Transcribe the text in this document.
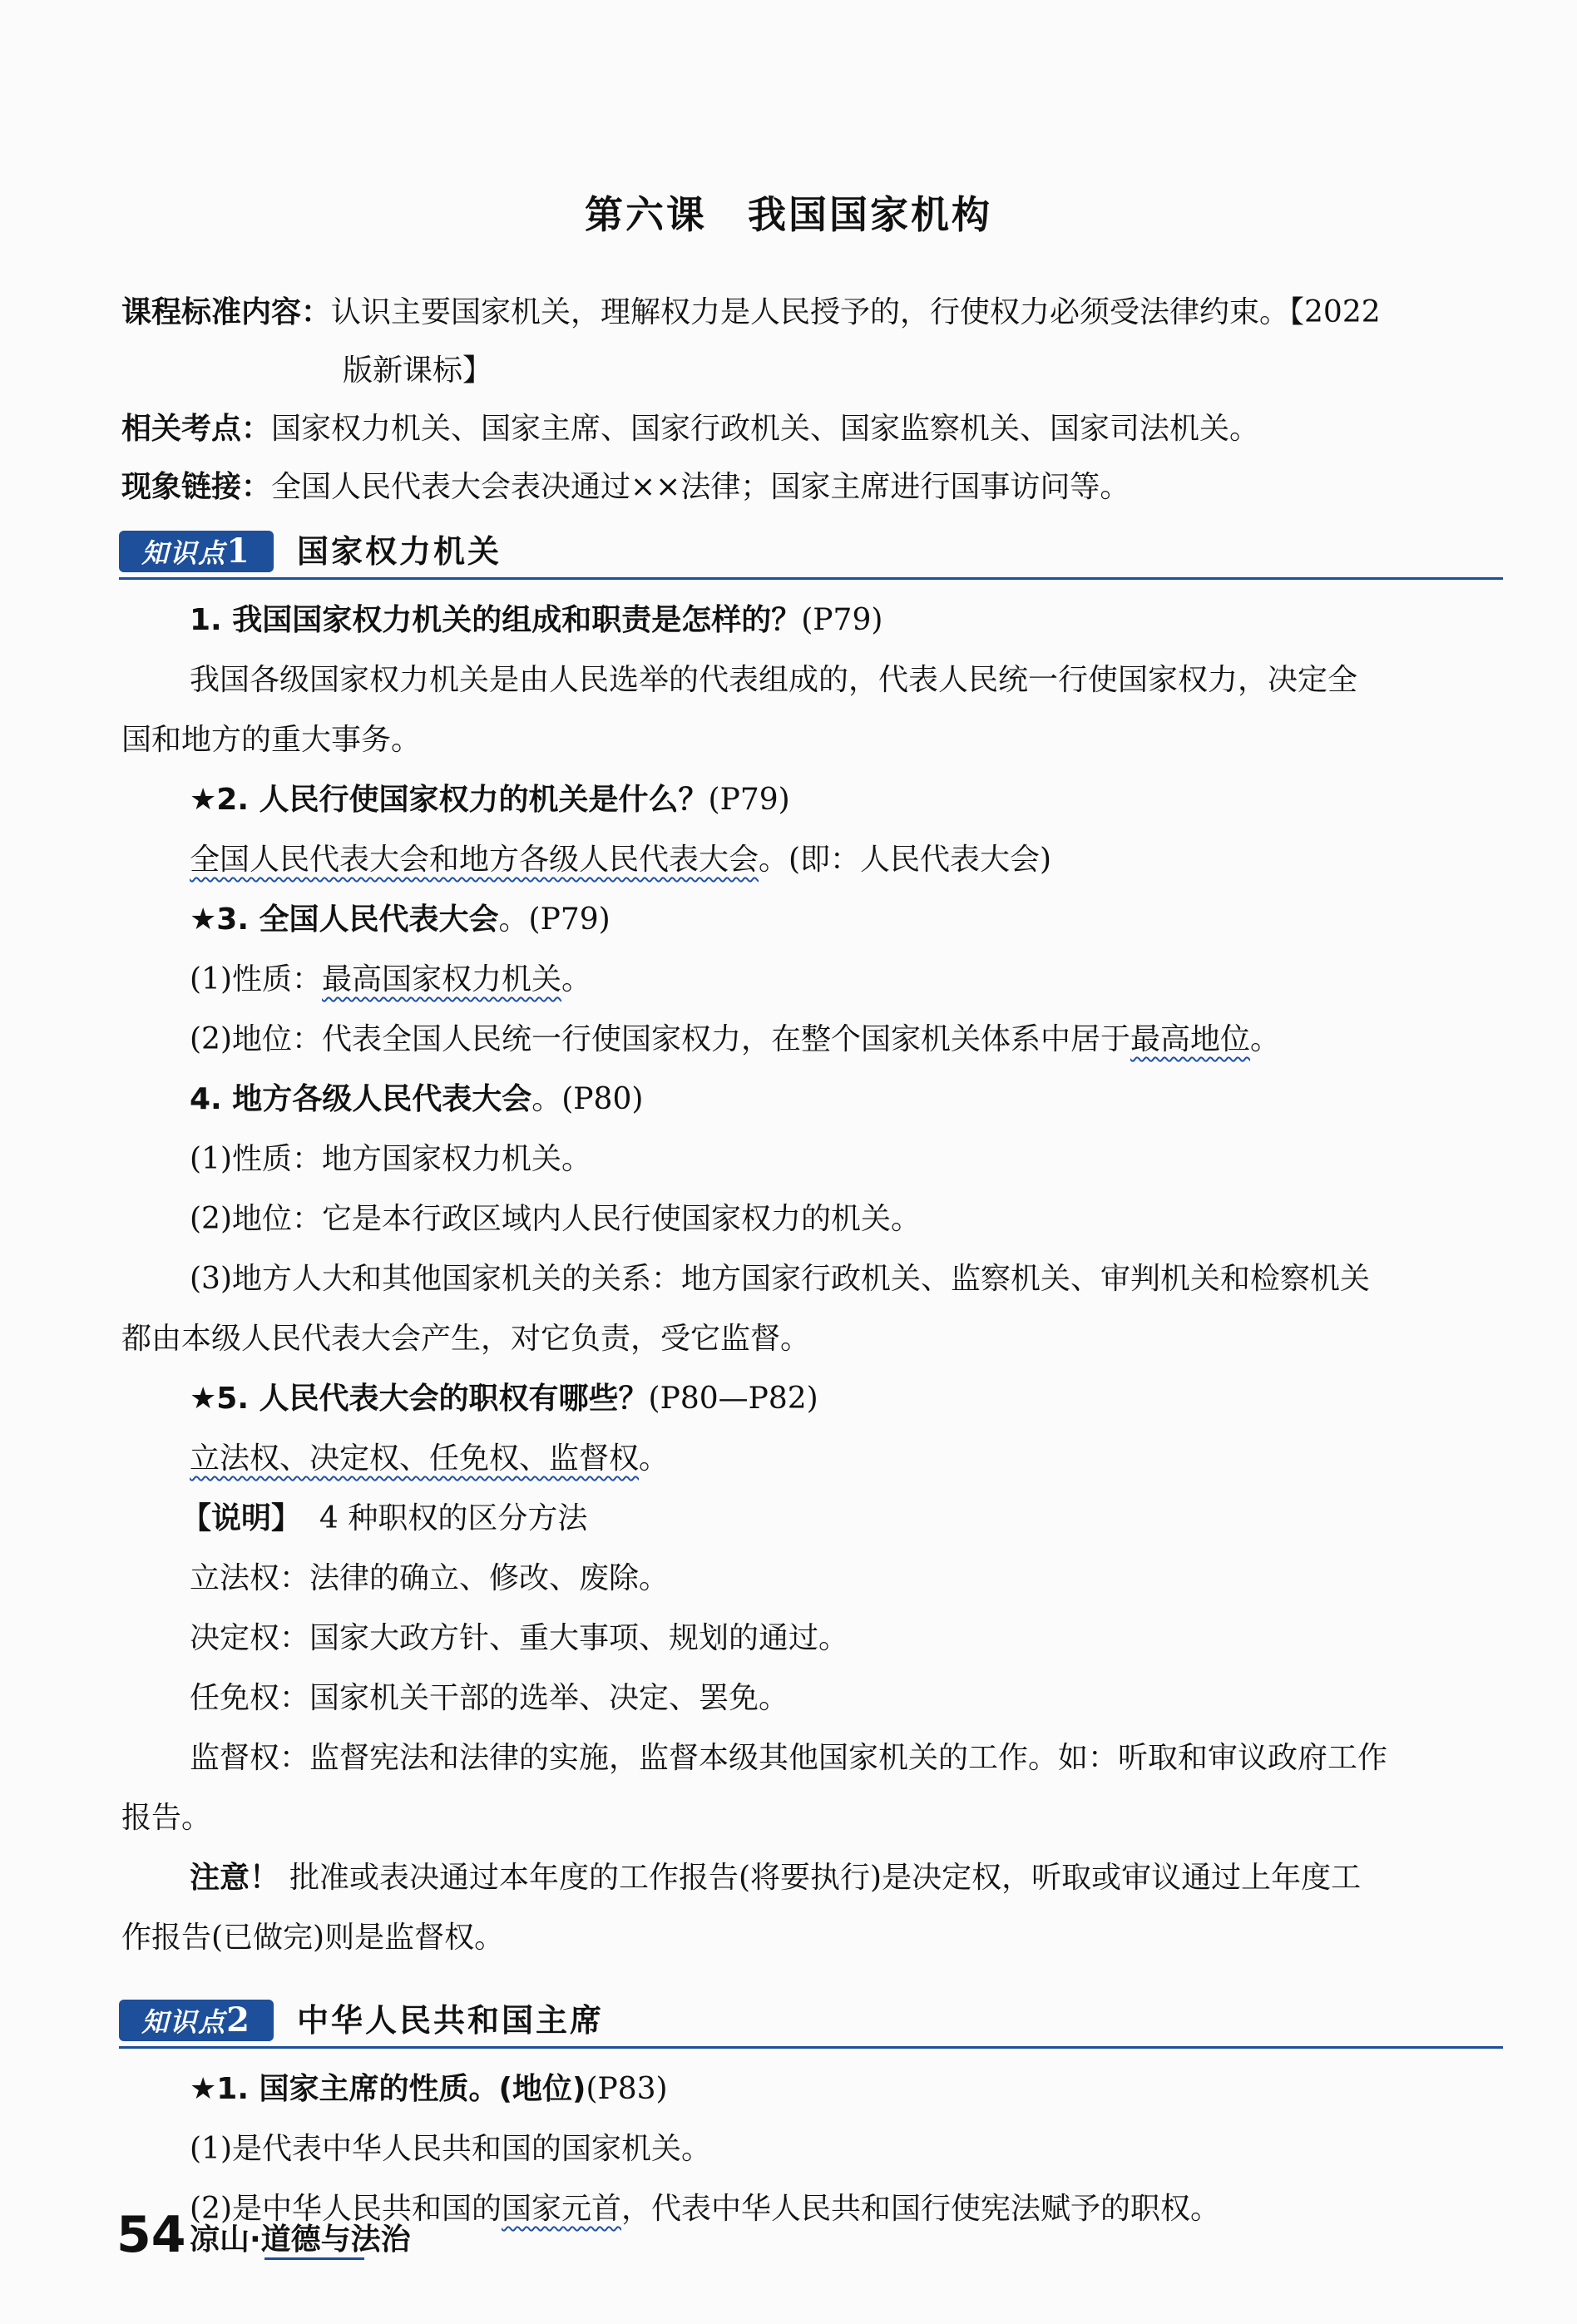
第六课　我国国家机构
课程标准内容：认识主要国家机关，理解权力是人民授予的，行使权力必须受法律约束。【2022
版新课标】
相关考点：国家权力机关、国家主席、国家行政机关、国家监察机关、国家司法机关。
现象链接：全国人民代表大会表决通过××法律；国家主席进行国事访问等。
知识点1	国家权力机关
1. 我国国家权力机关的组成和职责是怎样的？(P79)
我国各级国家权力机关是由人民选举的代表组成的，代表人民统一行使国家权力，决定全
国和地方的重大事务。
★2. 人民行使国家权力的机关是什么？(P79)
全国人民代表大会和地方各级人民代表大会。(即：人民代表大会)
★3. 全国人民代表大会。(P79)
(1)性质：最高国家权力机关。
(2)地位：代表全国人民统一行使国家权力，在整个国家机关体系中居于最高地位。
4. 地方各级人民代表大会。(P80)
(1)性质：地方国家权力机关。
(2)地位：它是本行政区域内人民行使国家权力的机关。
(3)地方人大和其他国家机关的关系：地方国家行政机关、监察机关、审判机关和检察机关
都由本级人民代表大会产生，对它负责，受它监督。
★5. 人民代表大会的职权有哪些？(P80—P82)
立法权、决定权、任免权、监督权。
【说明】 4 种职权的区分方法
立法权：法律的确立、修改、废除。
决定权：国家大政方针、重大事项、规划的通过。
任免权：国家机关干部的选举、决定、罢免。
监督权：监督宪法和法律的实施，监督本级其他国家机关的工作。如：听取和审议政府工作
报告。
注意！ 批准或表决通过本年度的工作报告(将要执行)是决定权，听取或审议通过上年度工
作报告(已做完)则是监督权。
知识点2	中华人民共和国主席
★1. 国家主席的性质。(地位)(P83)
(1)是代表中华人民共和国的国家机关。
(2)是中华人民共和国的国家元首，代表中华人民共和国行使宪法赋予的职权。
54 凉山·道德与法治
